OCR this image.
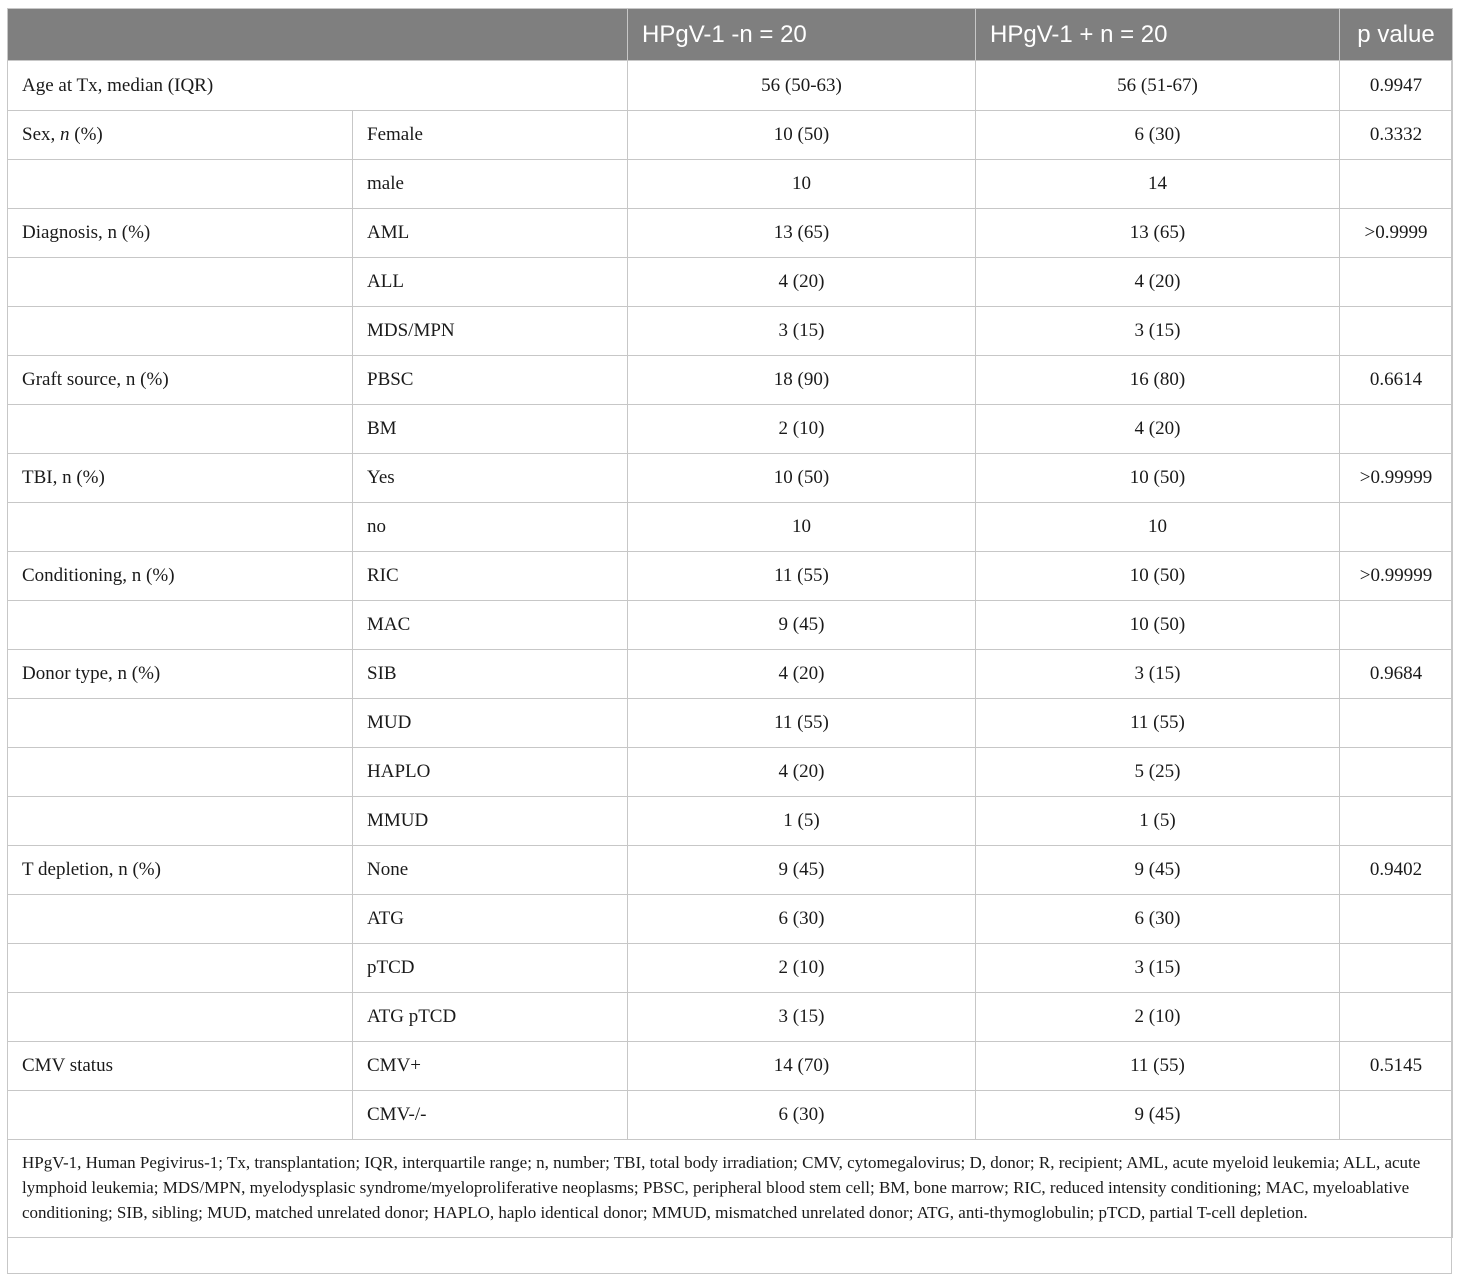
		HPgV-1 -n = 20	HPgV-1 + n = 20	p value
Age at Tx, median (IQR)		56 (50-63)	56 (51-67)	0.9947
Sex, n (%)	Female	10 (50)	6 (30)	0.3332
	male	10	14	
Diagnosis, n (%)	AML	13 (65)	13 (65)	>0.9999
	ALL	4 (20)	4 (20)	
	MDS/MPN	3 (15)	3 (15)	
Graft source, n (%)	PBSC	18 (90)	16 (80)	0.6614
	BM	2 (10)	4 (20)	
TBI, n (%)	Yes	10 (50)	10 (50)	>0.99999
	no	10	10	
Conditioning, n (%)	RIC	11 (55)	10 (50)	>0.99999
	MAC	9 (45)	10 (50)	
Donor type, n (%)	SIB	4 (20)	3 (15)	0.9684
	MUD	11 (55)	11 (55)	
	HAPLO	4 (20)	5 (25)	
	MMUD	1 (5)	1 (5)	
T depletion, n (%)	None	9 (45)	9 (45)	0.9402
	ATG	6 (30)	6 (30)	
	pTCD	2 (10)	3 (15)	
	ATG pTCD	3 (15)	2 (10)	
CMV status	CMV+	14 (70)	11 (55)	0.5145
	CMV-/-	6 (30)	9 (45)	
HPgV-1, Human Pegivirus-1; Tx, transplantation; IQR, interquartile range; n, number; TBI, total body irradiation; CMV, cytomegalovirus; D, donor; R, recipient; AML, acute myeloid leukemia; ALL, acute lymphoid leukemia; MDS/MPN, myelodysplasic syndrome/myeloproliferative neoplasms; PBSC, peripheral blood stem cell; BM, bone marrow; RIC, reduced intensity conditioning; MAC, myeloablative conditioning; SIB, sibling; MUD, matched unrelated donor; HAPLO, haplo identical donor; MMUD, mismatched unrelated donor; ATG, anti-thymoglobulin; pTCD, partial T-cell depletion.				
